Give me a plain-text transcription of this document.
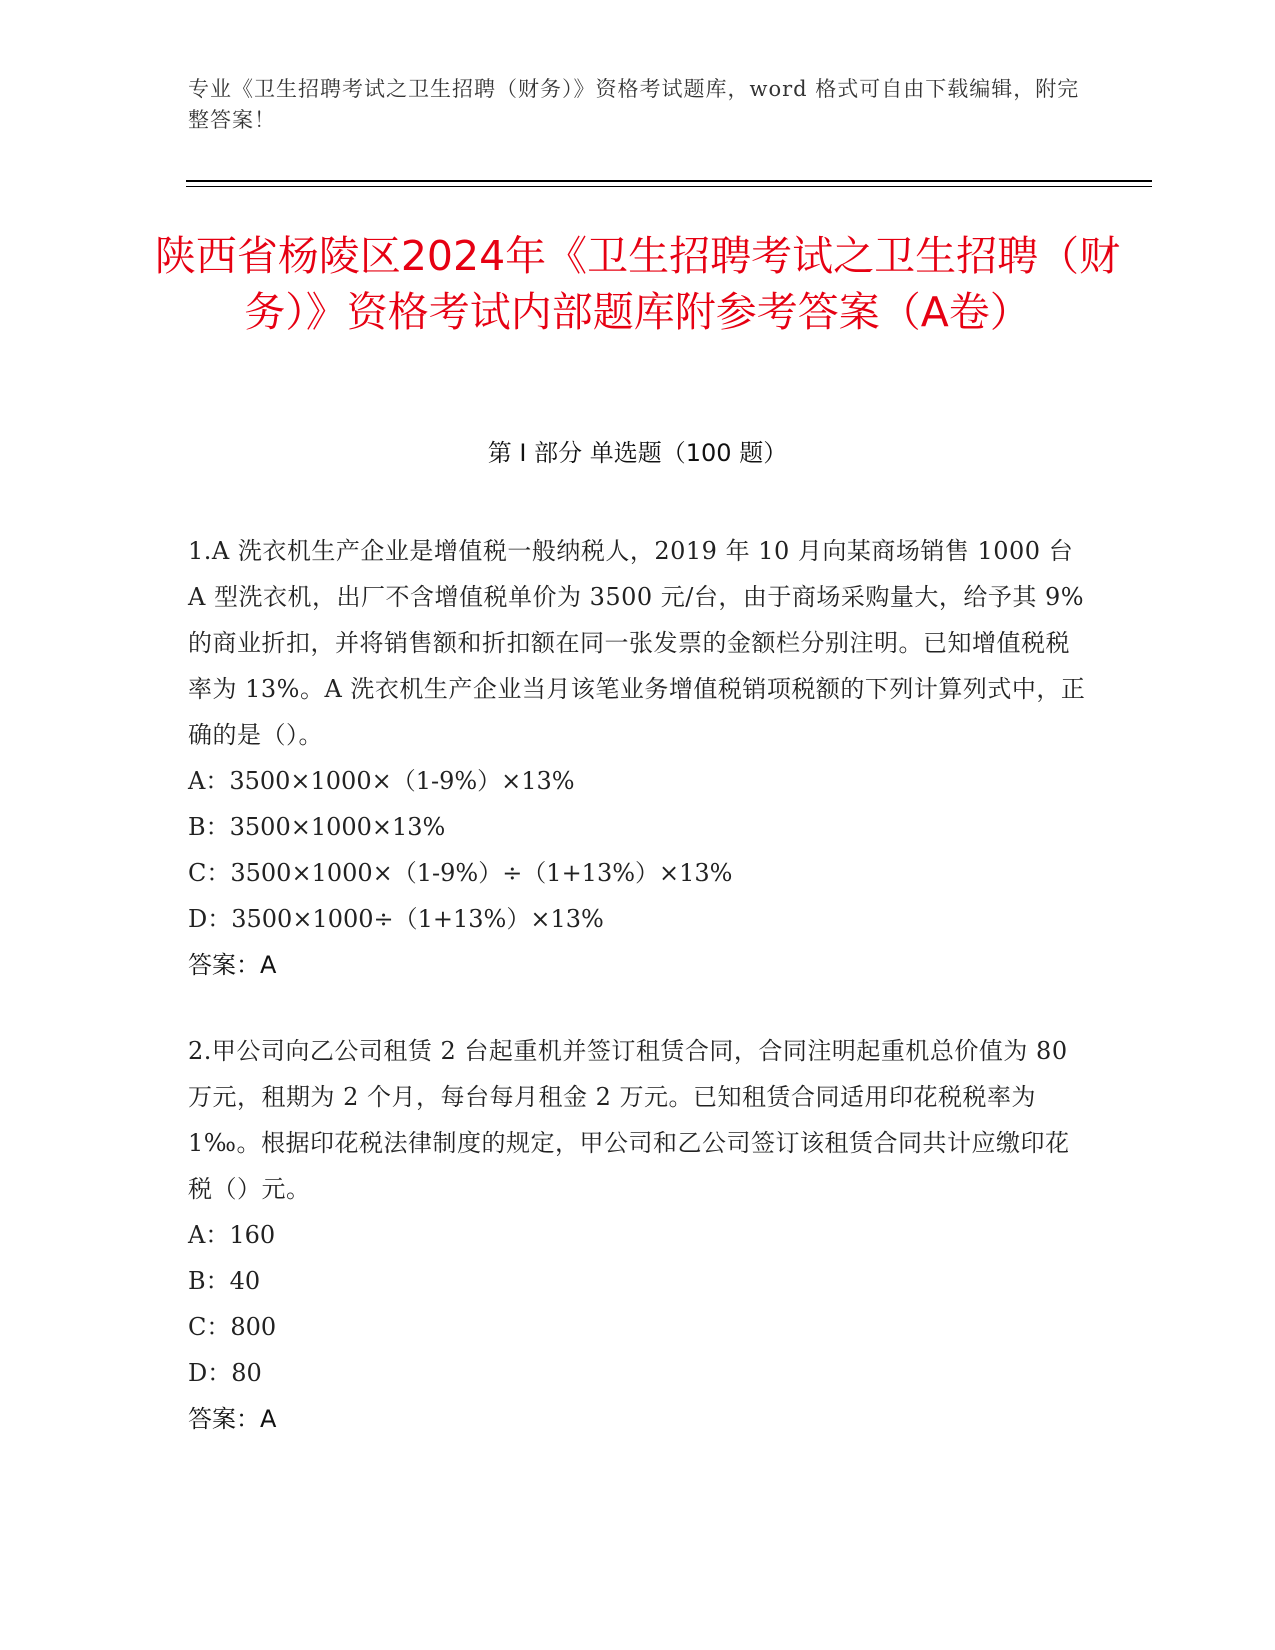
专业《卫生招聘考试之卫生招聘（财务）》资格考试题库，word 格式可自由下载编辑，附完整答案！
陕西省杨陵区2024年《卫生招聘考试之卫生招聘（财务）》资格考试内部题库附参考答案（A卷）
第 I 部分 单选题（100 题）

1.A 洗衣机生产企业是增值税一般纳税人，2019 年 10 月向某商场销售 1000 台 A 型洗衣机，出厂不含增值税单价为 3500 元/台，由于商场采购量大，给予其 9%的商业折扣，并将销售额和折扣额在同一张发票的金额栏分别注明。已知增值税税率为 13%。A 洗衣机生产企业当月该笔业务增值税销项税额的下列计算列式中，正确的是（）。

A：3500×1000×（1-9%）×13%

B：3500×1000×13%

C：3500×1000×（1-9%）÷（1+13%）×13%

D：3500×1000÷（1+13%）×13%

答案：A

2.甲公司向乙公司租赁 2 台起重机并签订租赁合同，合同注明起重机总价值为 80 万元，租期为 2 个月，每台每月租金 2 万元。已知租赁合同适用印花税税率为 1‰。根据印花税法律制度的规定，甲公司和乙公司签订该租赁合同共计应缴印花税（）元。

A：160

B：40

C：800

D：80

答案：A
